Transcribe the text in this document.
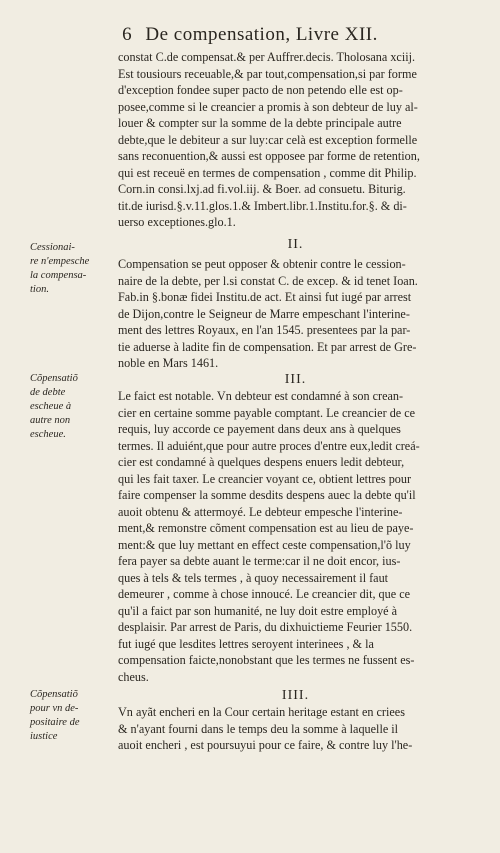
6 De compensation, Livre XII.
constat C.de compensat.& per Auffrer.decis. Tholosana xciij.
Est tousiours receuable,& par tout,compensation,si par forme
d'exception fondee super pacto de non petendo elle est op-
posee,comme si le creancier a promis à son debteur de luy al-
louer & compter sur la somme de la debte principale autre
debte,que le debiteur a sur luy:car celà est exception formelle
sans reconuention,& aussi est opposee par forme de retention,
qui est receuë en termes de compensation , comme dit Philip.
Corn.in consi.lxj.ad fi.vol.iij. & Boer. ad consuetu. Biturig.
tit.de iurisd.§.v.11.glos.1.& Imbert.libr.1.Institu.for.§. & di-
uerso exceptiones.glo.1.
II.
Cessionai-
re n'empesche
la compensa-
tion.
Compensation se peut opposer & obtenir contre le cession-
naire de la debte, per l.si constat C. de excep. & id tenet Ioan.
Fab.in §.bonæ fidei Institu.de act. Et ainsi fut iugé par arrest
de Dijon,contre le Seigneur de Marre empeschant l'interine-
ment des lettres Royaux, en l'an 1545. presentees par la par-
tie aduerse à ladite fin de compensation. Et par arrest de Gre-
noble en Mars 1461.
III.
Cõpensatiõ
de debte
escheue à
autre non
escheue.
Le faict est notable. Vn debteur est condamné à son crean-
cier en certaine somme payable comptant. Le creancier de ce
requis, luy accorde ce payement dans deux ans à quelques
termes. Il aduiént,que pour autre proces d'entre eux,ledit creá-
cier est condamné à quelques despens enuers ledit debteur,
qui les fait taxer. Le creancier voyant ce, obtient lettres pour
faire compenser la somme desdits despens auec la debte qu'il
auoit obtenu & attermoyé. Le debteur empesche l'interine-
ment,& remonstre cõment compensation est au lieu de paye-
ment:& que luy mettant en effect ceste compensation,l'õ luy
fera payer sa debte auant le terme:car il ne doit encor, ius-
ques à tels & tels termes , à quoy necessairement il faut
demeurer , comme à chose innoucé. Le creancier dit, que ce
qu'il a faict par son humanité, ne luy doit estre employé à
desplaisir. Par arrest de Paris, du dixhuictieme Feurier 1550.
fut iugé que lesdites lettres seroyent interinees , & la
compensation faicte,nonobstant que les termes ne fussent es-
cheus.
IIII.
Cõpensatiõ
pour vn de-
positaire de
iustice
Vn ayãt encheri en la Cour certain heritage estant en criees
& n'ayant fourni dans le temps deu la somme à laquelle il
auoit encheri , est poursuyui pour ce faire, & contre luy l'he-
